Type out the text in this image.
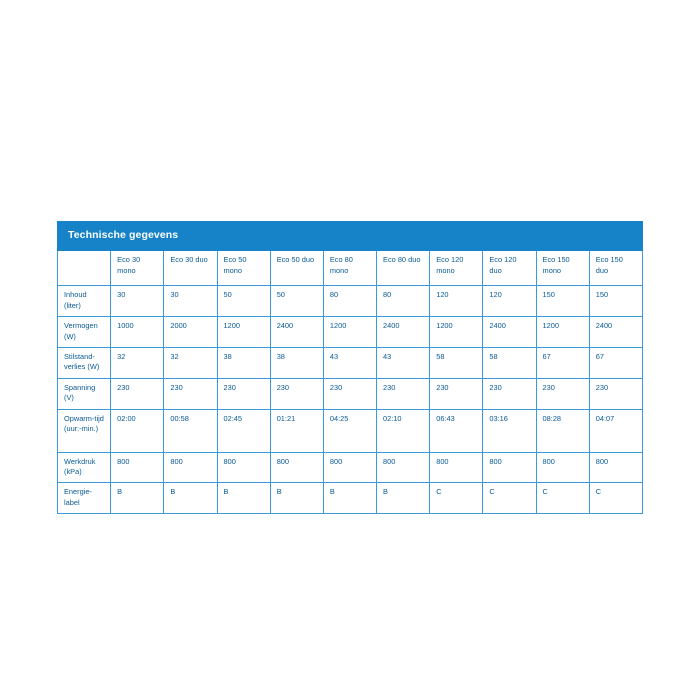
Technische gegevens										
	Eco 30 mono	Eco 30 duo	Eco 50 mono	Eco 50 duo	Eco 80 mono	Eco 80 duo	Eco 120 mono	Eco 120 duo	Eco 150 mono	Eco 150 duo
Inhoud (liter)	30	30	50	50	80	80	120	120	150	150
Vermogen (W)	1000	2000	1200	2400	1200	2400	1200	2400	1200	2400
Stilstand-verlies (W)	32	32	38	38	43	43	58	58	67	67
Spanning (V)	230	230	230	230	230	230	230	230	230	230
Opwarm-tijd (uur:-min.)	02:00	00:58	02:45	01:21	04:25	02:10	06:43	03:16	08:28	04:07
Werkdruk (kPa)	800	800	800	800	800	800	800	800	800	800
Energie-label	B	B	B	B	B	B	C	C	C	C
